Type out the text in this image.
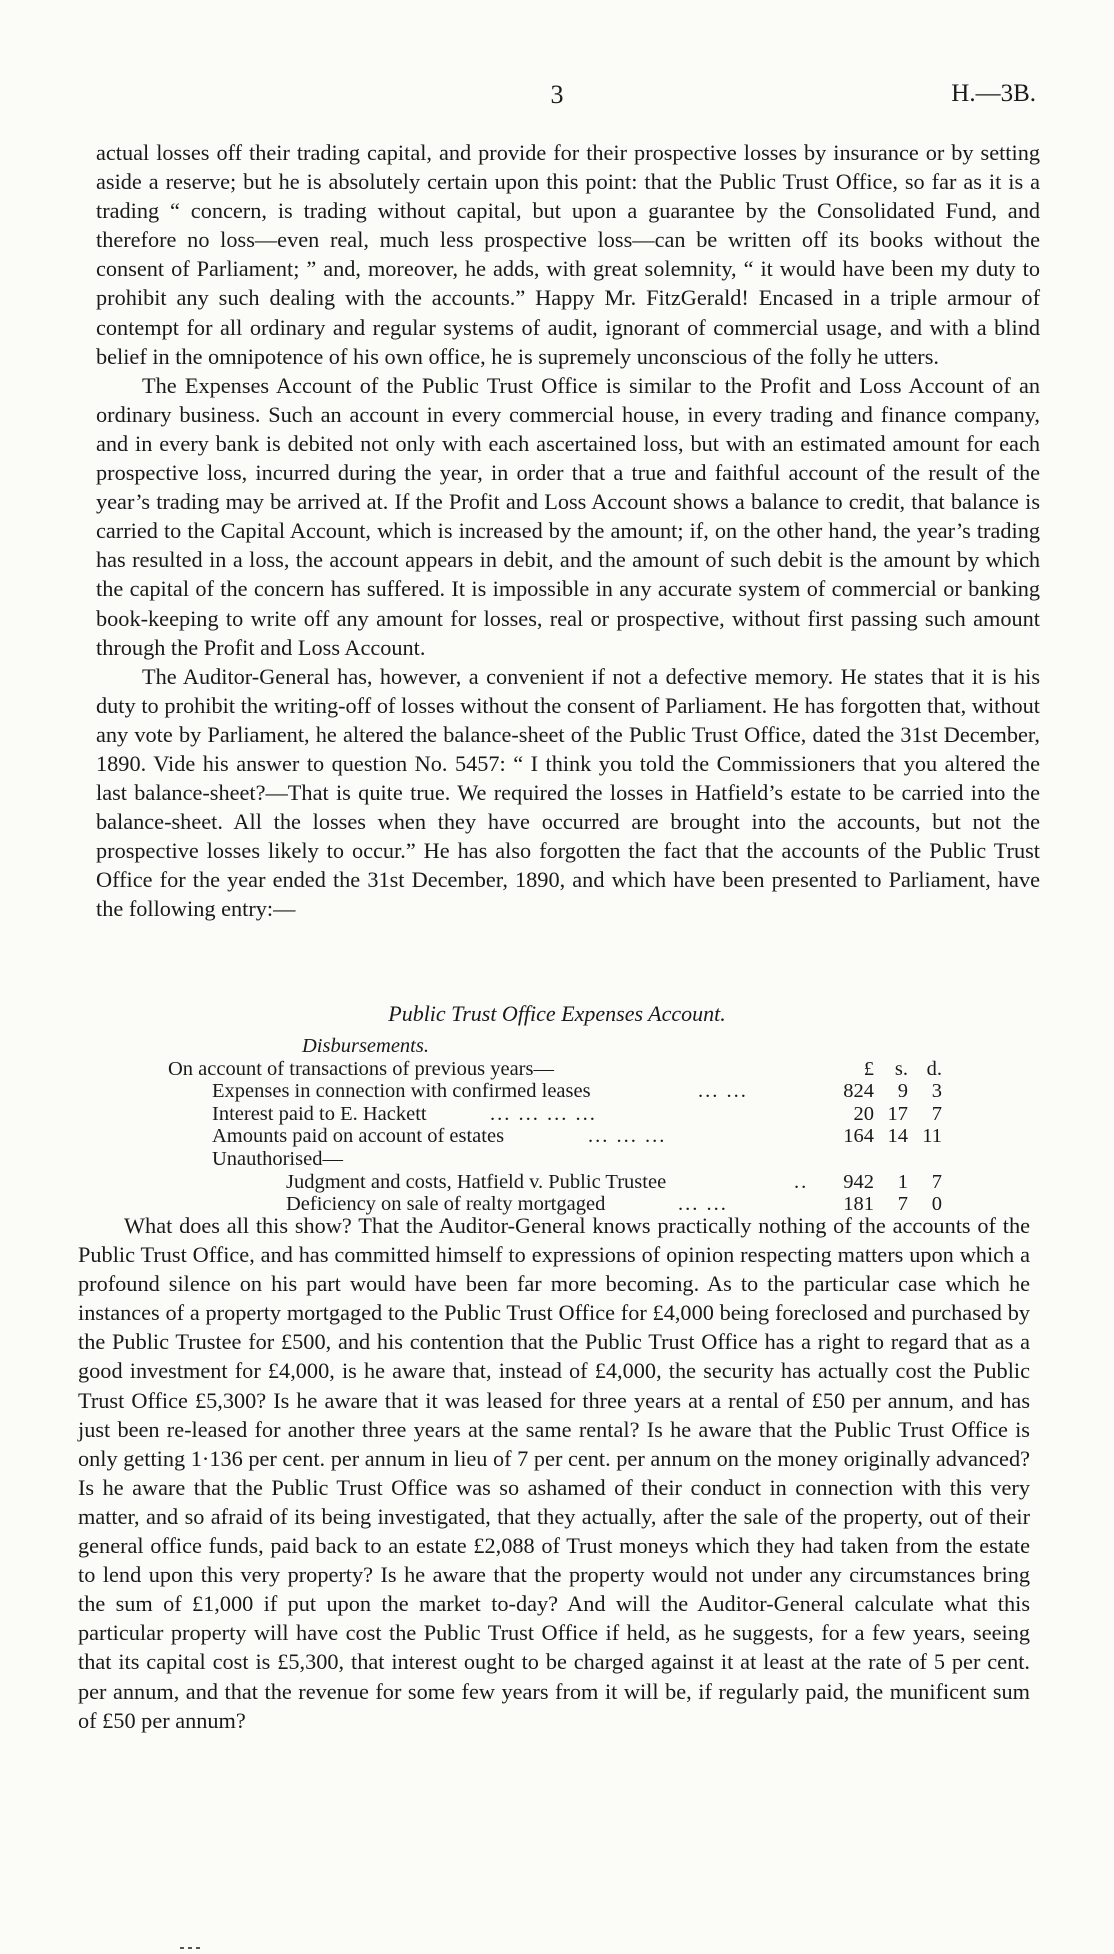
3	H.—3B.

actual losses off their trading capital, and provide for their prospective losses by insurance or by setting aside a reserve; but he is absolutely certain upon this point: that the Public Trust Office, so far as it is a trading “ concern, is trading without capital, but upon a guarantee by the Consolidated Fund, and therefore no loss—even real, much less prospective loss—can be written off its books without the consent of Parliament; ” and, moreover, he adds, with great solemnity, “ it would have been my duty to prohibit any such dealing with the accounts.” Happy Mr. FitzGerald! Encased in a triple armour of contempt for all ordinary and regular systems of audit, ignorant of commercial usage, and with a blind belief in the omnipotence of his own office, he is supremely unconscious of the folly he utters.

The Expenses Account of the Public Trust Office is similar to the Profit and Loss Account of an ordinary business. Such an account in every commercial house, in every trading and finance company, and in every bank is debited not only with each ascertained loss, but with an estimated amount for each prospective loss, incurred during the year, in order that a true and faithful account of the result of the year’s trading may be arrived at. If the Profit and Loss Account shows a balance to credit, that balance is carried to the Capital Account, which is increased by the amount; if, on the other hand, the year’s trading has resulted in a loss, the account appears in debit, and the amount of such debit is the amount by which the capital of the concern has suffered. It is impossible in any accurate system of commercial or banking book-keeping to write off any amount for losses, real or prospective, without first passing such amount through the Profit and Loss Account.

The Auditor-General has, however, a convenient if not a defective memory. He states that it is his duty to prohibit the writing-off of losses without the consent of Parliament. He has forgotten that, without any vote by Parliament, he altered the balance-sheet of the Public Trust Office, dated the 31st December, 1890. Vide his answer to question No. 5457: “ I think you told the Commissioners that you altered the last balance-sheet?—That is quite true. We required the losses in Hatfield’s estate to be carried into the balance-sheet. All the losses when they have occurred are brought into the accounts, but not the prospective losses likely to occur.” He has also forgotten the fact that the accounts of the Public Trust Office for the year ended the 31st December, 1890, and which have been presented to Parliament, have the following entry:—

Public Trust Office Expenses Account.
Disbursements.
On account of transactions of previous years—	£	s. d.
Expenses in connection with confirmed leases	... ...	824	9	3
Interest paid to E. Hackett	... ... ... ...	20 17	7
Amounts paid on account of estates	... ... ...	164 14 11
Unauthorised—
Judgment and costs, Hatfield v. Public Trustee	..	942	1	7
Deficiency on sale of realty mortgaged	... ...	181	7	0

What does all this show? That the Auditor-General knows practically nothing of the accounts of the Public Trust Office, and has committed himself to expressions of opinion respecting matters upon which a profound silence on his part would have been far more becoming. As to the particular case which he instances of a property mortgaged to the Public Trust Office for £4,000 being foreclosed and purchased by the Public Trustee for £500, and his contention that the Public Trust Office has a right to regard that as a good investment for £4,000, is he aware that, instead of £4,000, the security has actually cost the Public Trust Office £5,300? Is he aware that it was leased for three years at a rental of £50 per annum, and has just been re-leased for another three years at the same rental? Is he aware that the Public Trust Office is only getting 1·136 per cent. per annum in lieu of 7 per cent. per annum on the money originally advanced? Is he aware that the Public Trust Office was so ashamed of their conduct in connection with this very matter, and so afraid of its being investigated, that they actually, after the sale of the property, out of their general office funds, paid back to an estate £2,088 of Trust moneys which they had taken from the estate to lend upon this very property? Is he aware that the property would not under any circumstances bring the sum of £1,000 if put upon the market to-day? And will the Auditor-General calculate what this particular property will have cost the Public Trust Office if held, as he suggests, for a few years, seeing that its capital cost is £5,300, that interest ought to be charged against it at least at the rate of 5 per cent. per annum, and that the revenue for some few years from it will be, if regularly paid, the munificent sum of £50 per annum?
